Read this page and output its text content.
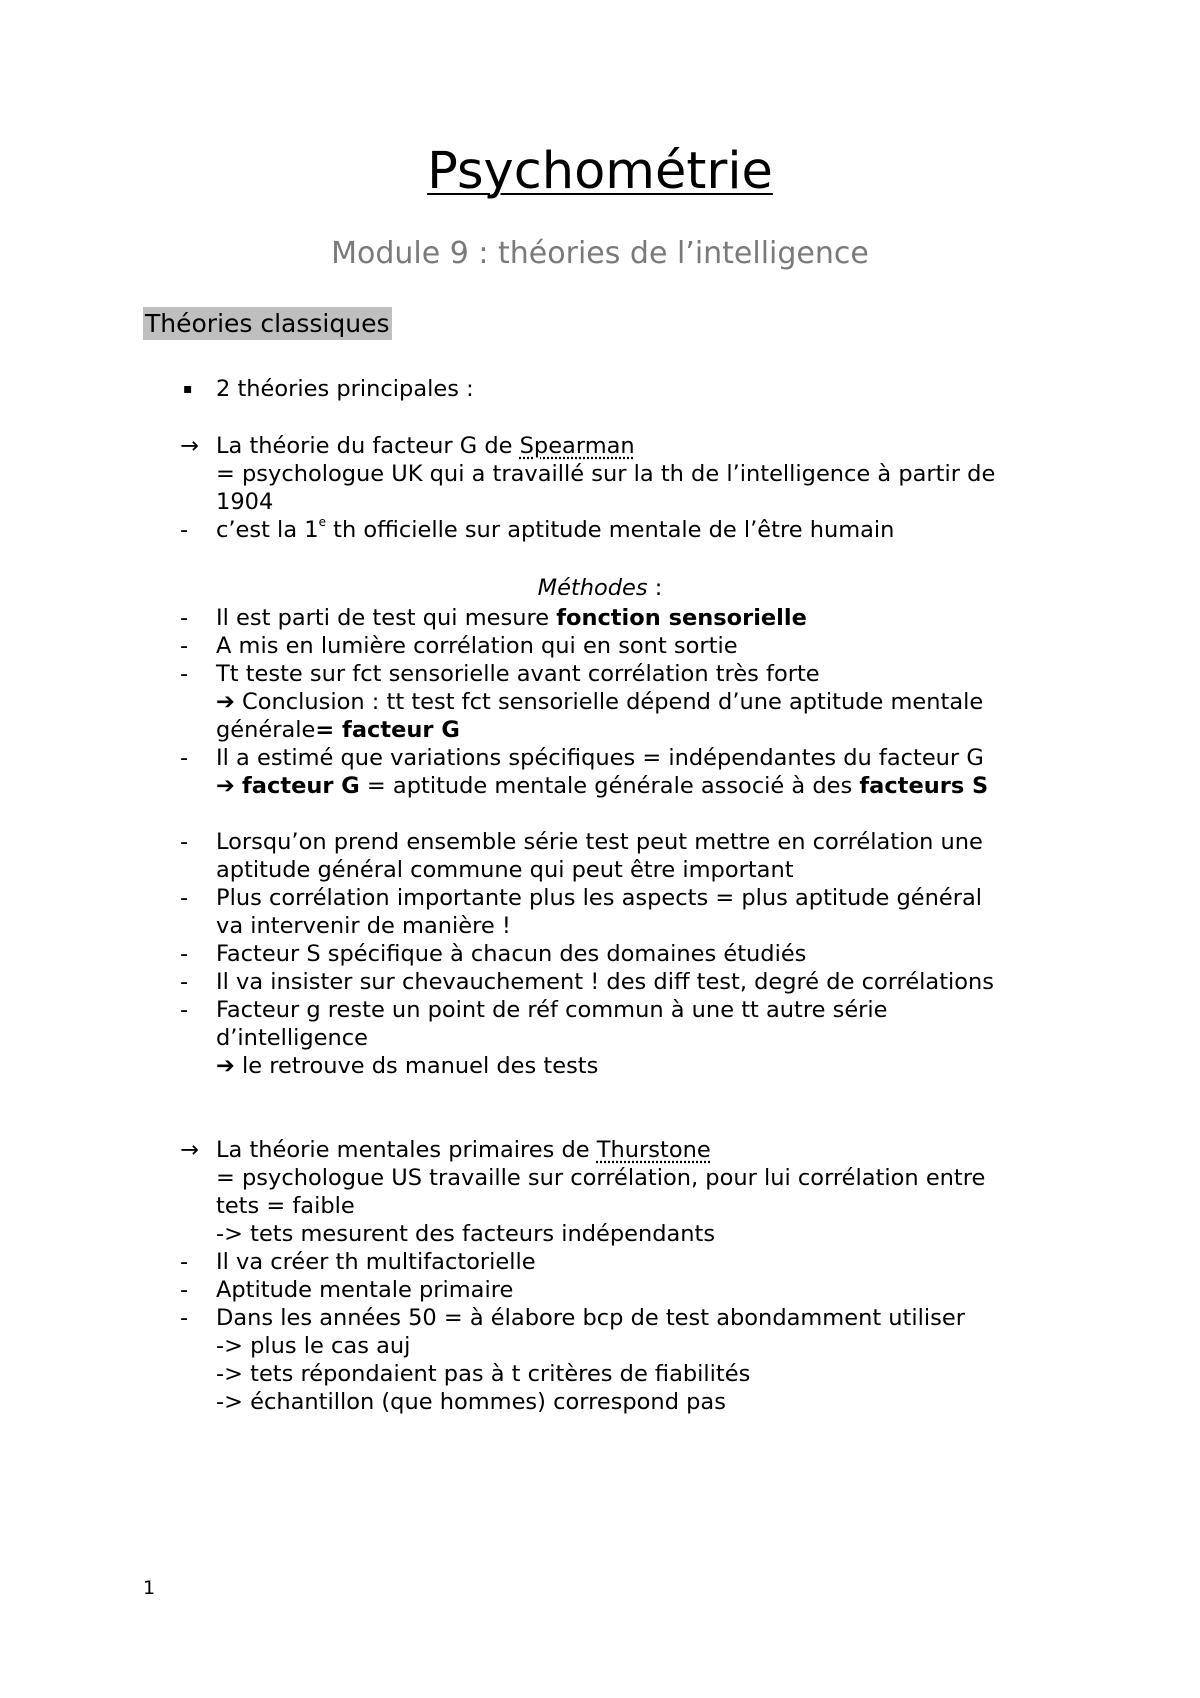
Psychométrie
Module 9 : théories de l’intelligence
Théories classiques
▪ 2 théories principales :
→ La théorie du facteur G de Spearman
= psychologue UK qui a travaillé sur la th de l’intelligence à partir de
1904
- c’est la 1e th officielle sur aptitude mentale de l’être humain
Méthodes :
- Il est parti de test qui mesure fonction sensorielle
- A mis en lumière corrélation qui en sont sortie
- Tt teste sur fct sensorielle avant corrélation très forte
➔ Conclusion : tt test fct sensorielle dépend d’une aptitude mentale
générale= facteur G
- Il a estimé que variations spécifiques = indépendantes du facteur G
➔ facteur G = aptitude mentale générale associé à des facteurs S
- Lorsqu’on prend ensemble série test peut mettre en corrélation une
aptitude général commune qui peut être important
- Plus corrélation importante plus les aspects = plus aptitude général
va intervenir de manière !
- Facteur S spécifique à chacun des domaines étudiés
- Il va insister sur chevauchement ! des diff test, degré de corrélations
- Facteur g reste un point de réf commun à une tt autre série
d’intelligence
➔ le retrouve ds manuel des tests
→ La théorie mentales primaires de Thurstone
= psychologue US travaille sur corrélation, pour lui corrélation entre
tets = faible
-> tets mesurent des facteurs indépendants
- Il va créer th multifactorielle
- Aptitude mentale primaire
- Dans les années 50 = à élabore bcp de test abondamment utiliser
-> plus le cas auj
-> tets répondaient pas à t critères de fiabilités
-> échantillon (que hommes) correspond pas
1
